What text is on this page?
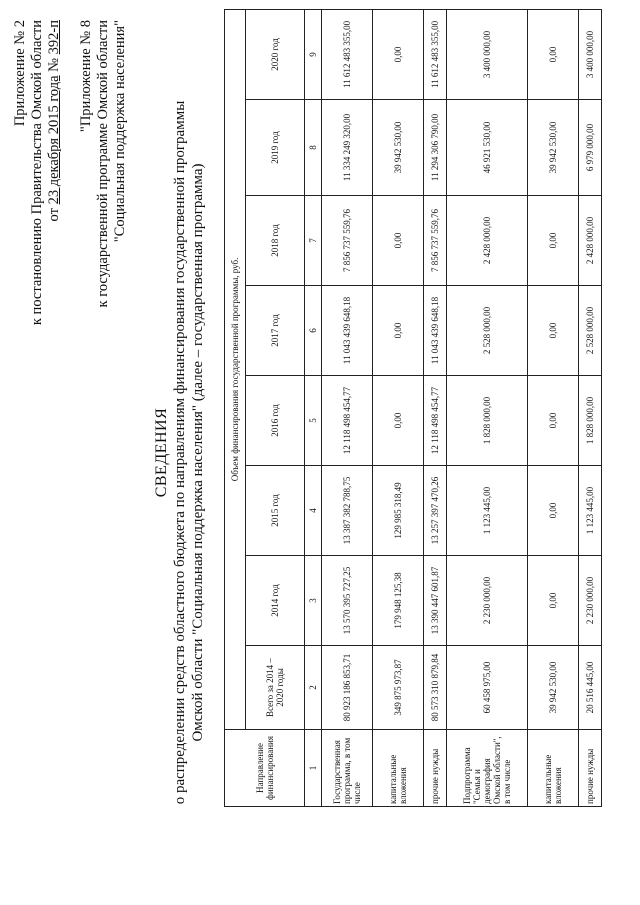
Приложение № 2 к постановлению Правительства Омской области от 23 декабря 2015 года № 392-п "Приложение № 8 к государственной программе Омской области "Социальная поддержка населения"
СВЕДЕНИЯ о распределении средств областного бюджета по направлениям финансирования государственной программы Омской области "Социальная поддержка населения" (далее – государственная программа)
Направление финансирования	Объем финансирования государственной программы, руб.							
	Всего за 2014 – 2020 годы	2014 год	2015 год	2016 год	2017 год	2018 год	2019 год	2020 год
1	2	3	4	5	6	7	8	9
Государственная программа, в том числе	80 923 186 853,71	13 570 395 727,25	13 387 382 788,75	12 118 498 454,77	11 043 439 648,18	7 856 737 559,76	11 334 249 320,00	11 612 483 355,00
капитальные вложения	349 875 973,87	179 948 125,38	129 985 318,49	0,00	0,00	0,00	39 942 530,00	0,00
прочие нужды	80 573 310 879,84	13 390 447 601,87	13 257 397 470,26	12 118 498 454,77	11 043 439 648,18	7 856 737 559,76	11 294 306 790,00	11 612 483 355,00
Подпрограмма "Семья и демография Омской области", в том числе	60 458 975,00	2 230 000,00	1 123 445,00	1 828 000,00	2 528 000,00	2 428 000,00	46 921 530,00	3 400 000,00
капитальные вложения	39 942 530,00	0,00	0,00	0,00	0,00	0,00	39 942 530,00	0,00
прочие нужды	20 516 445,00	2 230 000,00	1 123 445,00	1 828 000,00	2 528 000,00	2 428 000,00	6 979 000,00	3 400 000,00
